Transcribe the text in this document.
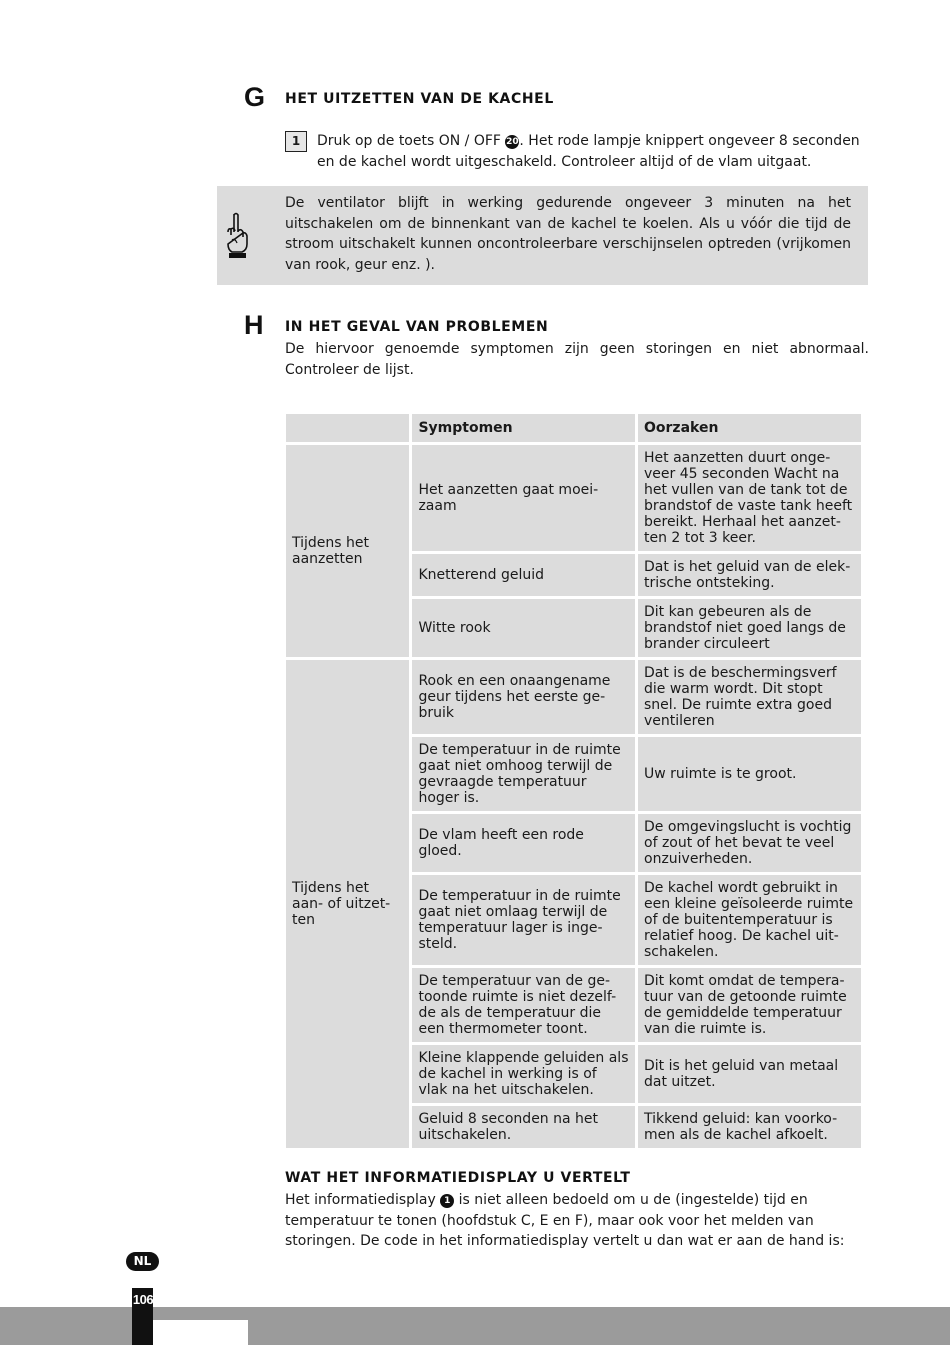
G HET UITZETTEN VAN DE KACHEL
1	Druk op de toets ON / OFF 20. Het rode lampje knippert ongeveer 8 seconden en de kachel wordt uitgeschakeld. Controleer altijd of de vlam uitgaat.
De ventilator blijft in werking gedurende ongeveer 3 minuten na het uitschakelen om de binnenkant van de kachel te koelen. Als u vóór die tijd de stroom uitschakelt kunnen oncontroleerbare verschijnselen optreden (vrijkomen van rook, geur enz. ).
H IN HET GEVAL VAN PROBLEMEN
De hiervoor genoemde symptomen zijn geen storingen en niet abnormaal. Controleer de lijst.
	Symptomen	Oorzaken
Tijdens het aanzetten	Het aanzetten gaat moei-zaam	Het aanzetten duurt onge-veer 45 seconden Wacht na het vullen van de tank tot de brandstof de vaste tank heeft bereikt. Herhaal het aanzet-ten 2 tot 3 keer.
	Knetterend geluid	Dat is het geluid van de elek-trische ontsteking.
	Witte rook	Dit kan gebeuren als de brandstof niet goed langs de brander circuleert
Tijdens het aan- of uitzet-ten	Rook en een onaangename geur tijdens het eerste ge-bruik	Dat is de beschermingsverf die warm wordt. Dit stopt snel. De ruimte extra goed ventileren
	De temperatuur in de ruimte gaat niet omhoog terwijl de gevraagde temperatuur hoger is.	Uw ruimte is te groot.
	De vlam heeft een rode gloed.	De omgevingslucht is vochtig of zout of het bevat te veel onzuiverheden.
	De temperatuur in de ruimte gaat niet omlaag terwijl de temperatuur lager is inge-steld.	De kachel wordt gebruikt in een kleine geïsoleerde ruimte of de buitentemperatuur is relatief hoog. De kachel uit-schakelen.
	De temperatuur van de ge-toonde ruimte is niet dezelf-de als de temperatuur die een thermometer toont.	Dit komt omdat de tempera-tuur van de getoonde ruimte de gemiddelde temperatuur van die ruimte is.
	Kleine klappende geluiden als de kachel in werking is of vlak na het uitschakelen.	Dit is het geluid van metaal dat uitzet.
	Geluid 8 seconden na het uitschakelen.	Tikkend geluid: kan voorko-men als de kachel afkoelt.
WAT HET INFORMATIEDISPLAY U VERTELT
Het informatiedisplay 1 is niet alleen bedoeld om u de (ingestelde) tijd en temperatuur te tonen (hoofdstuk C, E en F), maar ook voor het melden van storingen. De code in het informatiedisplay vertelt u dan wat er aan de hand is:
NL
106
